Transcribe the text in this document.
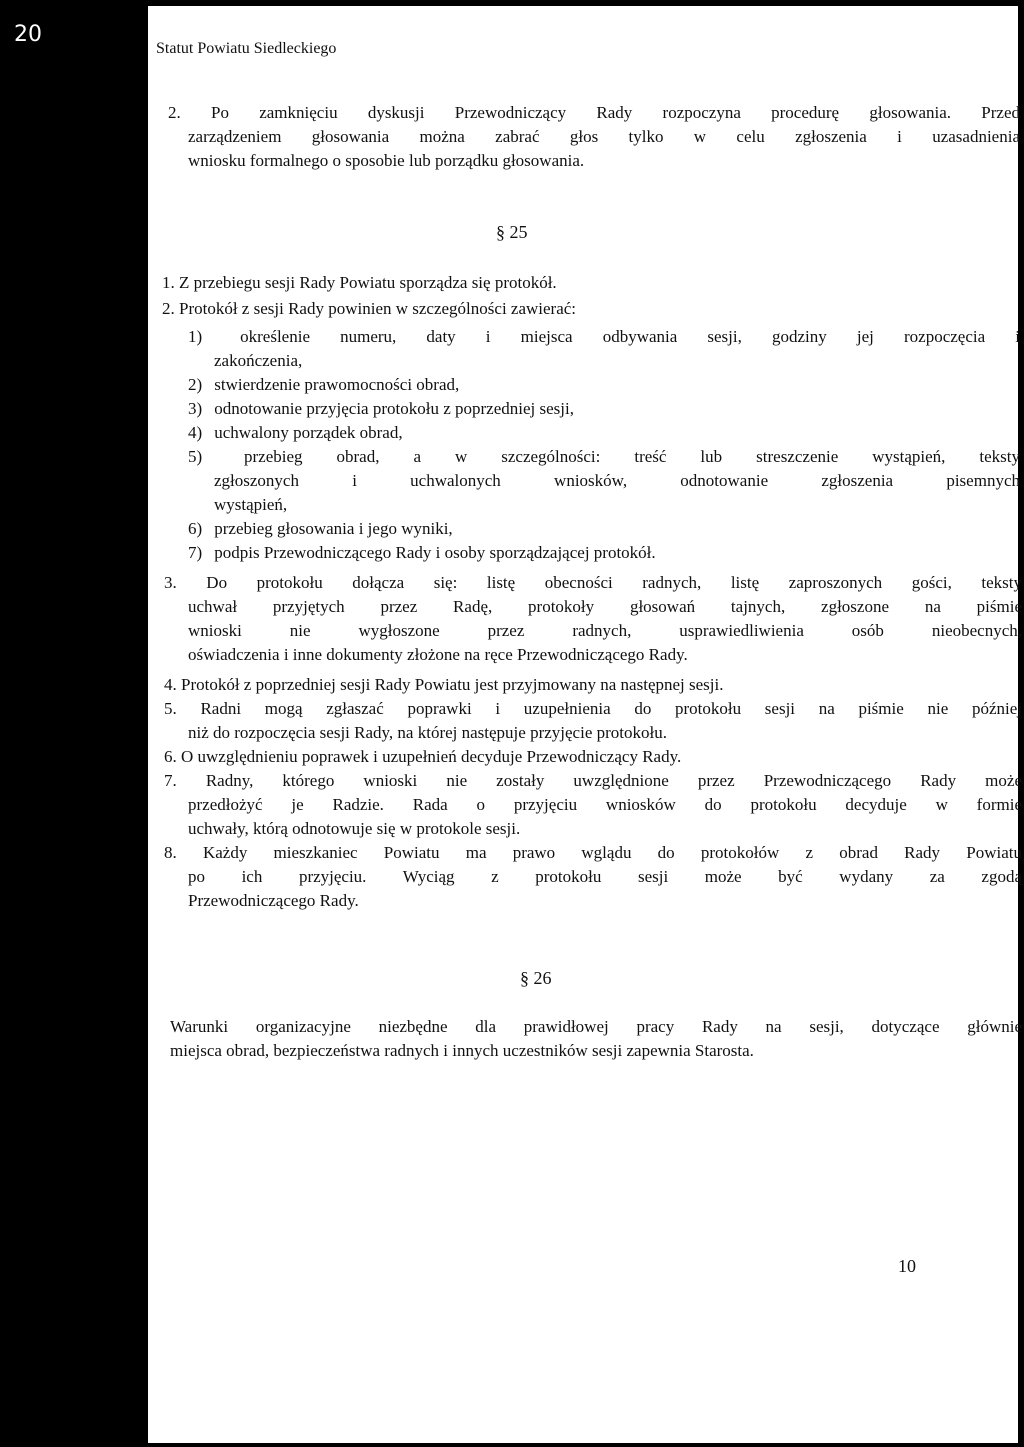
20
Statut Powiatu Siedleckiego
2. Po zamknięciu dyskusji Przewodniczący Rady rozpoczyna procedurę głosowania. Przed
zarządzeniem głosowania można zabrać głos tylko w celu zgłoszenia i uzasadnienia
wniosku formalnego o sposobie lub porządku głosowania.
§ 25
1. Z przebiegu sesji Rady Powiatu sporządza się protokół.
2. Protokół z sesji Rady powinien w szczególności zawierać:
1) określenie numeru, daty i miejsca odbywania sesji, godziny jej rozpoczęcia i
zakończenia,
2) stwierdzenie prawomocności obrad,
3) odnotowanie przyjęcia protokołu z poprzedniej sesji,
4) uchwalony porządek obrad,
5) przebieg obrad, a w szczególności: treść lub streszczenie wystąpień, teksty
zgłoszonych i uchwalonych wniosków, odnotowanie zgłoszenia pisemnych
wystąpień,
6) przebieg głosowania i jego wyniki,
7) podpis Przewodniczącego Rady i osoby sporządzającej protokół.
3. Do protokołu dołącza się: listę obecności radnych, listę zaproszonych gości, teksty
uchwał przyjętych przez Radę, protokoły głosowań tajnych, zgłoszone na piśmie
wnioski nie wygłoszone przez radnych, usprawiedliwienia osób nieobecnych,
oświadczenia i inne dokumenty złożone na ręce Przewodniczącego Rady.
4. Protokół z poprzedniej sesji Rady Powiatu jest przyjmowany na następnej sesji.
5. Radni mogą zgłaszać poprawki i uzupełnienia do protokołu sesji na piśmie nie później
niż do rozpoczęcia sesji Rady, na której następuje przyjęcie protokołu.
6. O uwzględnieniu poprawek i uzupełnień decyduje Przewodniczący Rady.
7. Radny, którego wnioski nie zostały uwzględnione przez Przewodniczącego Rady może
przedłożyć je Radzie. Rada o przyjęciu wniosków do protokołu decyduje w formie
uchwały, którą odnotowuje się w protokole sesji.
8. Każdy mieszkaniec Powiatu ma prawo wglądu do protokołów z obrad Rady Powiatu
po ich przyjęciu. Wyciąg z protokołu sesji może być wydany za zgodą
Przewodniczącego Rady.
§ 26
Warunki organizacyjne niezbędne dla prawidłowej pracy Rady na sesji, dotyczące głównie
miejsca obrad, bezpieczeństwa radnych i innych uczestników sesji zapewnia Starosta.
10
